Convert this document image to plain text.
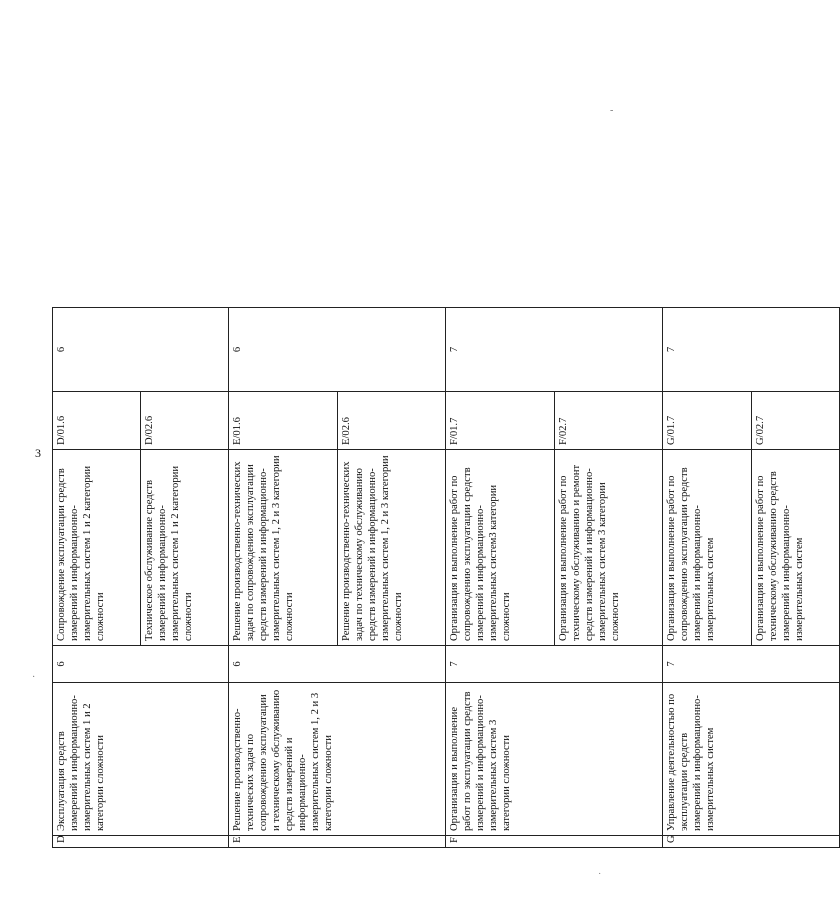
3
·
˙
-
D	Эксплуатация средств измерений и информационно-измерительных систем 1 и 2 категории сложности	6	Сопровождение эксплуатации средств измерений и информационно-измерительных систем 1 и 2 категории сложности	D/01.6	6
			Техническое обслуживание средств измерений и информационно-измерительных систем 1 и 2 категории сложности	D/02.6	
E	Решение производственно-технических задач по сопровождению эксплуатации и техническому обслуживанию средств измерений и информационно-измерительных систем 1, 2 и 3 категории сложности	6	Решение производственно-технических задач по сопровождению эксплуатации средств измерений и информационно-измерительных систем 1, 2 и 3 категории сложности	E/01.6	6
			Решение производственно-технических задач по техническому обслуживанию средств измерений и информационно-измерительных систем 1, 2 и 3 категории сложности	E/02.6	
F	Организация и выполнение работ по эксплуатации средств измерений и информационно-измерительных систем 3 категории сложности	7	Организация и выполнение работ по сопровождению эксплуатации средств измерений и информационно-измерительных систем3 категории сложности	F/01.7	7
			Организация и выполнение работ по техническому обслуживанию и ремонт средств измерений и информационно-измерительных систем 3 категории сложности	F/02.7	
G	Управление деятельностью по эксплуатации средств измерений и информационно-измерительных систем	7	Организация и выполнение работ по сопровождению эксплуатации средств измерений и информационно-измерительных систем	G/01.7	7
			Организация и выполнение работ по техническому обслуживанию средств измерений и информационно-измерительных систем	G/02.7	
